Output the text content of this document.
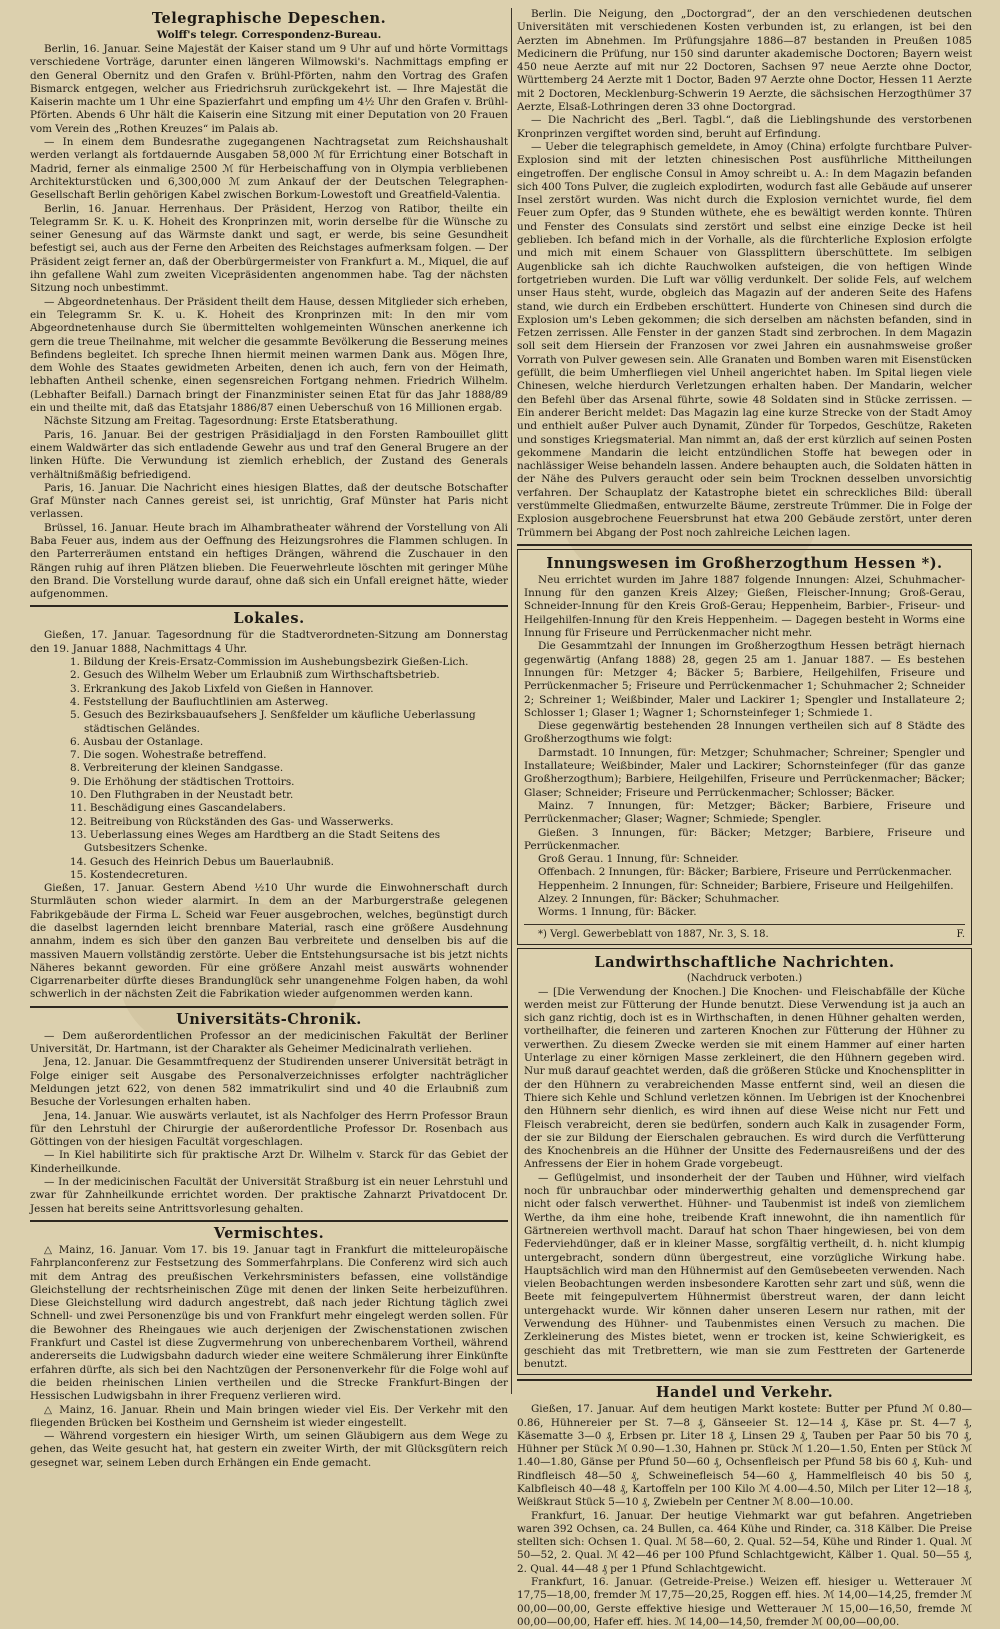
Telegraphische Depeschen.
Wolff's telegr. Correspondenz-Bureau.

Berlin, 16. Januar. Seine Majestät der Kaiser stand um 9 Uhr auf und hörte Vormittags verschiedene Vorträge, darunter einen längeren Wilmowski's. Nachmittags empfing er den General Obernitz und den Grafen v. Brühl-Pförten, nahm den Vortrag des Grafen Bismarck entgegen, welcher aus Friedrichsruh zurückgekehrt ist. — Ihre Majestät die Kaiserin machte um 1 Uhr eine Spazierfahrt und empfing um 4½ Uhr den Grafen v. Brühl-Pförten. Abends 6 Uhr hält die Kaiserin eine Sitzung mit einer Deputation von 20 Frauen vom Verein des „Rothen Kreuzes“ im Palais ab.

— In einem dem Bundesrathe zugegangenen Nachtragsetat zum Reichshaushalt werden verlangt als fortdauernde Ausgaben 58,000 ℳ für Errichtung einer Botschaft in Madrid, ferner als einmalige 2500 ℳ für Herbeischaffung von in Olympia verbliebenen Architekturstücken und 6,300,000 ℳ zum Ankauf der der Deutschen Telegraphen-Gesellschaft Berlin gehörigen Kabel zwischen Borkum-Lowestoft und Greatfield-Valentia.

Berlin, 16. Januar. Herrenhaus. Der Präsident, Herzog von Ratibor, theilte ein Telegramm Sr. K. u. K. Hoheit des Kronprinzen mit, worin derselbe für die Wünsche zu seiner Genesung auf das Wärmste dankt und sagt, er werde, bis seine Gesundheit befestigt sei, auch aus der Ferne den Arbeiten des Reichstages aufmerksam folgen. — Der Präsident zeigt ferner an, daß der Oberbürgermeister von Frankfurt a. M., Miquel, die auf ihn gefallene Wahl zum zweiten Vicepräsidenten angenommen habe. Tag der nächsten Sitzung noch unbestimmt.

— Abgeordnetenhaus. Der Präsident theilt dem Hause, dessen Mitglieder sich erheben, ein Telegramm Sr. K. u. K. Hoheit des Kronprinzen mit: In den mir vom Abgeordnetenhause durch Sie übermittelten wohlgemeinten Wünschen anerkenne ich gern die treue Theilnahme, mit welcher die gesammte Bevölkerung die Besserung meines Befindens begleitet. Ich spreche Ihnen hiermit meinen warmen Dank aus. Mögen Ihre, dem Wohle des Staates gewidmeten Arbeiten, denen ich auch, fern von der Heimath, lebhaften Antheil schenke, einen segensreichen Fortgang nehmen. Friedrich Wilhelm. (Lebhafter Beifall.) Darnach bringt der Finanzminister seinen Etat für das Jahr 1888/89 ein und theilte mit, daß das Etatsjahr 1886/87 einen Ueberschuß von 16 Millionen ergab.

Nächste Sitzung am Freitag. Tagesordnung: Erste Etatsberathung.

Paris, 16. Januar. Bei der gestrigen Präsidialjagd in den Forsten Rambouillet glitt einem Waldwärter das sich entladende Gewehr aus und traf den General Brugere an der linken Hüfte. Die Verwundung ist ziemlich erheblich, der Zustand des Generals verhältnißmäßig befriedigend.

Paris, 16. Januar. Die Nachricht eines hiesigen Blattes, daß der deutsche Botschafter Graf Münster nach Cannes gereist sei, ist unrichtig, Graf Münster hat Paris nicht verlassen.

Brüssel, 16. Januar. Heute brach im Alhambratheater während der Vorstellung von Ali Baba Feuer aus, indem aus der Oeffnung des Heizungsrohres die Flammen schlugen. In den Parterreräumen entstand ein heftiges Drängen, während die Zuschauer in den Rängen ruhig auf ihren Plätzen blieben. Die Feuerwehrleute löschten mit geringer Mühe den Brand. Die Vorstellung wurde darauf, ohne daß sich ein Unfall ereignet hätte, wieder aufgenommen.

Lokales.

Gießen, 17. Januar. Tagesordnung für die Stadtverordneten-Sitzung am Donnerstag den 19. Januar 1888, Nachmittags 4 Uhr.

1. Bildung der Kreis-Ersatz-Commission im Aushebungsbezirk Gießen-Lich.
2. Gesuch des Wilhelm Weber um Erlaubniß zum Wirthschaftsbetrieb.
3. Erkrankung des Jakob Lixfeld von Gießen in Hannover.
4. Feststellung der Baufluchtlinien am Asterweg.
5. Gesuch des Bezirksbauaufsehers J. Senßfelder um käufliche Ueberlassung städtischen Geländes.
6. Ausbau der Ostanlage.
7. Die sogen. Wohestraße betreffend.
8. Verbreiterung der kleinen Sandgasse.
9. Die Erhöhung der städtischen Trottoirs.
10. Den Fluthgraben in der Neustadt betr.
11. Beschädigung eines Gascandelabers.
12. Beitreibung von Rückständen des Gas- und Wasserwerks.
13. Ueberlassung eines Weges am Hardtberg an die Stadt Seitens des Gutsbesitzers Schenke.
14. Gesuch des Heinrich Debus um Bauerlaubniß.
15. Kostendecreturen.

Gießen, 17. Januar. Gestern Abend ½10 Uhr wurde die Einwohnerschaft durch Sturmläuten schon wieder alarmirt. In dem an der Marburgerstraße gelegenen Fabrikgebäude der Firma L. Scheid war Feuer ausgebrochen, welches, begünstigt durch die daselbst lagernden leicht brennbare Material, rasch eine größere Ausdehnung annahm, indem es sich über den ganzen Bau verbreitete und denselben bis auf die massiven Mauern vollständig zerstörte. Ueber die Entstehungsursache ist bis jetzt nichts Näheres bekannt geworden. Für eine größere Anzahl meist auswärts wohnender Cigarrenarbeiter dürfte dieses Brandunglück sehr unangenehme Folgen haben, da wohl schwerlich in der nächsten Zeit die Fabrikation wieder aufgenommen werden kann.

Universitäts-Chronik.

— Dem außerordentlichen Professor an der medicinischen Fakultät der Berliner Universität, Dr. Hartmann, ist der Charakter als Geheimer Medicinalrath verliehen.

Jena, 12. Januar. Die Gesammtfrequenz der Studirenden unserer Universität beträgt in Folge einiger seit Ausgabe des Personalverzeichnisses erfolgter nachträglicher Meldungen jetzt 622, von denen 582 immatrikulirt sind und 40 die Erlaubniß zum Besuche der Vorlesungen erhalten haben.

Jena, 14. Januar. Wie auswärts verlautet, ist als Nachfolger des Herrn Professor Braun für den Lehrstuhl der Chirurgie der außerordentliche Professor Dr. Rosenbach aus Göttingen von der hiesigen Facultät vorgeschlagen.

— In Kiel habilitirte sich für praktische Arzt Dr. Wilhelm v. Starck für das Gebiet der Kinderheilkunde.

— In der medicinischen Facultät der Universität Straßburg ist ein neuer Lehrstuhl und zwar für Zahnheilkunde errichtet worden. Der praktische Zahnarzt Privatdocent Dr. Jessen hat bereits seine Antrittsvorlesung gehalten.

Vermischtes.

△ Mainz, 16. Januar. Vom 17. bis 19. Januar tagt in Frankfurt die mitteleuropäische Fahrplanconferenz zur Festsetzung des Sommerfahrplans. Die Conferenz wird sich auch mit dem Antrag des preußischen Verkehrsministers befassen, eine vollständige Gleichstellung der rechtsrheinischen Züge mit denen der linken Seite herbeizuführen. Diese Gleichstellung wird dadurch angestrebt, daß nach jeder Richtung täglich zwei Schnell- und zwei Personenzüge bis und von Frankfurt mehr eingelegt werden sollen. Für die Bewohner des Rheingaues wie auch derjenigen der Zwischenstationen zwischen Frankfurt und Castel ist diese Zugvermehrung von unberechenbarem Vortheil, während andererseits die Ludwigsbahn dadurch wieder eine weitere Schmälerung ihrer Einkünfte erfahren dürfte, als sich bei den Nachtzügen der Personenverkehr für die Folge wohl auf die beiden rheinischen Linien vertheilen und die Strecke Frankfurt-Bingen der Hessischen Ludwigsbahn in ihrer Frequenz verlieren wird.

△ Mainz, 16. Januar. Rhein und Main bringen wieder viel Eis. Der Verkehr mit den fliegenden Brücken bei Kostheim und Gernsheim ist wieder eingestellt.

— Während vorgestern ein hiesiger Wirth, um seinen Gläubigern aus dem Wege zu gehen, das Weite gesucht hat, hat gestern ein zweiter Wirth, der mit Glücksgütern reich gesegnet war, seinem Leben durch Erhängen ein Ende gemacht.

Berlin. Die Neigung, den „Doctorgrad“, der an den verschiedenen deutschen Universitäten mit verschiedenen Kosten verbunden ist, zu erlangen, ist bei den Aerzten im Abnehmen. Im Prüfungsjahre 1886—87 bestanden in Preußen 1085 Medicinern die Prüfung, nur 150 sind darunter akademische Doctoren; Bayern weist 450 neue Aerzte auf mit nur 22 Doctoren, Sachsen 97 neue Aerzte ohne Doctor, Württemberg 24 Aerzte mit 1 Doctor, Baden 97 Aerzte ohne Doctor, Hessen 11 Aerzte mit 2 Doctoren, Mecklenburg-Schwerin 19 Aerzte, die sächsischen Herzogthümer 37 Aerzte, Elsaß-Lothringen deren 33 ohne Doctorgrad.

— Die Nachricht des „Berl. Tagbl.“, daß die Lieblingshunde des verstorbenen Kronprinzen vergiftet worden sind, beruht auf Erfindung.

— Ueber die telegraphisch gemeldete, in Amoy (China) erfolgte furchtbare Pulver-Explosion sind mit der letzten chinesischen Post ausführliche Mittheilungen eingetroffen. Der englische Consul in Amoy schreibt u. A.: In dem Magazin befanden sich 400 Tons Pulver, die zugleich explodirten, wodurch fast alle Gebäude auf unserer Insel zerstört wurden. Was nicht durch die Explosion vernichtet wurde, fiel dem Feuer zum Opfer, das 9 Stunden wüthete, ehe es bewältigt werden konnte. Thüren und Fenster des Consulats sind zerstört und selbst eine einzige Decke ist heil geblieben. Ich befand mich in der Vorhalle, als die fürchterliche Explosion erfolgte und mich mit einem Schauer von Glassplittern überschüttete. Im selbigen Augenblicke sah ich dichte Rauchwolken aufsteigen, die von heftigen Winde fortgetrieben wurden. Die Luft war völlig verdunkelt. Der solide Fels, auf welchem unser Haus steht, wurde, obgleich das Magazin auf der anderen Seite des Hafens stand, wie durch ein Erdbeben erschüttert. Hunderte von Chinesen sind durch die Explosion um's Leben gekommen; die sich derselben am nächsten befanden, sind in Fetzen zerrissen. Alle Fenster in der ganzen Stadt sind zerbrochen. In dem Magazin soll seit dem Hiersein der Franzosen vor zwei Jahren ein ausnahmsweise großer Vorrath von Pulver gewesen sein. Alle Granaten und Bomben waren mit Eisenstücken gefüllt, die beim Umherfliegen viel Unheil angerichtet haben. Im Spital liegen viele Chinesen, welche hierdurch Verletzungen erhalten haben. Der Mandarin, welcher den Befehl über das Arsenal führte, sowie 48 Soldaten sind in Stücke zerrissen. — Ein anderer Bericht meldet: Das Magazin lag eine kurze Strecke von der Stadt Amoy und enthielt außer Pulver auch Dynamit, Zünder für Torpedos, Geschütze, Raketen und sonstiges Kriegsmaterial. Man nimmt an, daß der erst kürzlich auf seinen Posten gekommene Mandarin die leicht entzündlichen Stoffe hat bewegen oder in nachlässiger Weise behandeln lassen. Andere behaupten auch, die Soldaten hätten in der Nähe des Pulvers geraucht oder sein beim Trocknen desselben unvorsichtig verfahren. Der Schauplatz der Katastrophe bietet ein schreckliches Bild: überall verstümmelte Gliedmaßen, entwurzelte Bäume, zerstreute Trümmer. Die in Folge der Explosion ausgebrochene Feuersbrunst hat etwa 200 Gebäude zerstört, unter deren Trümmern bei Abgang der Post noch zahlreiche Leichen lagen.

Innungswesen im Großherzogthum Hessen *).

Neu errichtet wurden im Jahre 1887 folgende Innungen: Alzei, Schuhmacher-Innung für den ganzen Kreis Alzey; Gießen, Fleischer-Innung; Groß-Gerau, Schneider-Innung für den Kreis Groß-Gerau; Heppenheim, Barbier-, Friseur- und Heilgehilfen-Innung für den Kreis Heppenheim. — Dagegen besteht in Worms eine Innung für Friseure und Perrückenmacher nicht mehr.

Die Gesammtzahl der Innungen im Großherzogthum Hessen beträgt hiernach gegenwärtig (Anfang 1888) 28, gegen 25 am 1. Januar 1887. — Es bestehen Innungen für: Metzger 4; Bäcker 5; Barbiere, Heilgehilfen, Friseure und Perrückenmacher 5; Friseure und Perrückenmacher 1; Schuhmacher 2; Schneider 2; Schreiner 1; Weißbinder, Maler und Lackirer 1; Spengler und Installateure 2; Schlosser 1; Glaser 1; Wagner 1; Schornsteinfeger 1; Schmiede 1.

Diese gegenwärtig bestehenden 28 Innungen vertheilen sich auf 8 Städte des Großherzogthums wie folgt:

Darmstadt. 10 Innungen, für: Metzger; Schuhmacher; Schreiner; Spengler und Installateure; Weißbinder, Maler und Lackirer; Schornsteinfeger (für das ganze Großherzogthum); Barbiere, Heilgehilfen, Friseure und Perrückenmacher; Bäcker; Glaser; Schneider; Friseure und Perrückenmacher; Schlosser; Bäcker.

Mainz. 7 Innungen, für: Metzger; Bäcker; Barbiere, Friseure und Perrückenmacher; Glaser; Wagner; Schmiede; Spengler.

Gießen. 3 Innungen, für: Bäcker; Metzger; Barbiere, Friseure und Perrückenmacher.

Groß Gerau. 1 Innung, für: Schneider.

Offenbach. 2 Innungen, für: Bäcker; Barbiere, Friseure und Perrückenmacher.

Heppenheim. 2 Innungen, für: Schneider; Barbiere, Friseure und Heilgehilfen.

Alzey. 2 Innungen, für: Bäcker; Schuhmacher.

Worms. 1 Innung, für: Bäcker.

*) Vergl. Gewerbeblatt von 1887, Nr. 3, S. 18.	F.
Landwirthschaftliche Nachrichten.
(Nachdruck verboten.)

— [Die Verwendung der Knochen.] Die Knochen- und Fleischabfälle der Küche werden meist zur Fütterung der Hunde benutzt. Diese Verwendung ist ja auch an sich ganz richtig, doch ist es in Wirthschaften, in denen Hühner gehalten werden, vortheilhafter, die feineren und zarteren Knochen zur Fütterung der Hühner zu verwerthen. Zu diesem Zwecke werden sie mit einem Hammer auf einer harten Unterlage zu einer körnigen Masse zerkleinert, die den Hühnern gegeben wird. Nur muß darauf geachtet werden, daß die größeren Stücke und Knochensplitter in der den Hühnern zu verabreichenden Masse entfernt sind, weil an diesen die Thiere sich Kehle und Schlund verletzen können. Im Uebrigen ist der Knochenbrei den Hühnern sehr dienlich, es wird ihnen auf diese Weise nicht nur Fett und Fleisch verabreicht, deren sie bedürfen, sondern auch Kalk in zusagender Form, der sie zur Bildung der Eierschalen gebrauchen. Es wird durch die Verfütterung des Knochenbreis an die Hühner der Unsitte des Federnausreißens und der des Anfressens der Eier in hohem Grade vorgebeugt.

— Geflügelmist, und insonderheit der der Tauben und Hühner, wird vielfach noch für unbrauchbar oder minderwerthig gehalten und demensprechend gar nicht oder falsch verwerthet. Hühner- und Taubenmist ist indeß von ziemlichem Werthe, da ihm eine hohe, treibende Kraft innewohnt, die ihn namentlich für Gärtnereien werthvoll macht. Darauf hat schon Thaer hingewiesen, bei von dem Federviehdünger, daß er in kleiner Masse, sorgfältig vertheilt, d. h. nicht klumpig untergebracht, sondern dünn übergestreut, eine vorzügliche Wirkung habe. Hauptsächlich wird man den Hühnermist auf den Gemüsebeeten verwenden. Nach vielen Beobachtungen werden insbesondere Karotten sehr zart und süß, wenn die Beete mit feingepulvertem Hühnermist überstreut waren, der dann leicht untergehackt wurde. Wir können daher unseren Lesern nur rathen, mit der Verwendung des Hühner- und Taubenmistes einen Versuch zu machen. Die Zerkleinerung des Mistes bietet, wenn er trocken ist, keine Schwierigkeit, es geschieht das mit Tretbrettern, wie man sie zum Festtreten der Gartenerde benutzt.

Handel und Verkehr.

Gießen, 17. Januar. Auf dem heutigen Markt kostete: Butter per Pfund ℳ 0.80—0.86, Hühnereier per St. 7—8 ₰, Gänseeier St. 12—14 ₰, Käse pr. St. 4—7 ₰, Käsematte 3—0 ₰, Erbsen pr. Liter 18 ₰, Linsen 29 ₰, Tauben per Paar 50 bis 70 ₰, Hühner per Stück ℳ 0.90—1.30, Hahnen pr. Stück ℳ 1.20—1.50, Enten per Stück ℳ 1.40—1.80, Gänse per Pfund 50—60 ₰, Ochsenfleisch per Pfund 58 bis 60 ₰, Kuh- und Rindfleisch 48—50 ₰, Schweinefleisch 54—60 ₰, Hammelfleisch 40 bis 50 ₰, Kalbfleisch 40—48 ₰, Kartoffeln per 100 Kilo ℳ 4.00—4.50, Milch per Liter 12—18 ₰, Weißkraut Stück 5—10 ₰, Zwiebeln per Centner ℳ 8.00—10.00.

Frankfurt, 16. Januar. Der heutige Viehmarkt war gut befahren. Angetrieben waren 392 Ochsen, ca. 24 Bullen, ca. 464 Kühe und Rinder, ca. 318 Kälber. Die Preise stellten sich: Ochsen 1. Qual. ℳ 58—60, 2. Qual. 52—54, Kühe und Rinder 1. Qual. ℳ 50—52, 2. Qual. ℳ 42—46 per 100 Pfund Schlachtgewicht, Kälber 1. Qual. 50—55 ₰, 2. Qual. 44—48 ₰ per 1 Pfund Schlachtgewicht.

Frankfurt, 16. Januar. (Getreide-Preise.) Weizen eff. hiesiger u. Wetterauer ℳ 17,75—18,00, fremder ℳ 17,75—20,25, Roggen eff. hies. ℳ 14,00—14,25, fremder ℳ 00,00—00,00, Gerste effektive hiesige und Wetterauer ℳ 15,00—16,50, fremde ℳ 00,00—00,00, Hafer eff. hies. ℳ 14,00—14,50, fremder ℳ 00,00—00,00.
